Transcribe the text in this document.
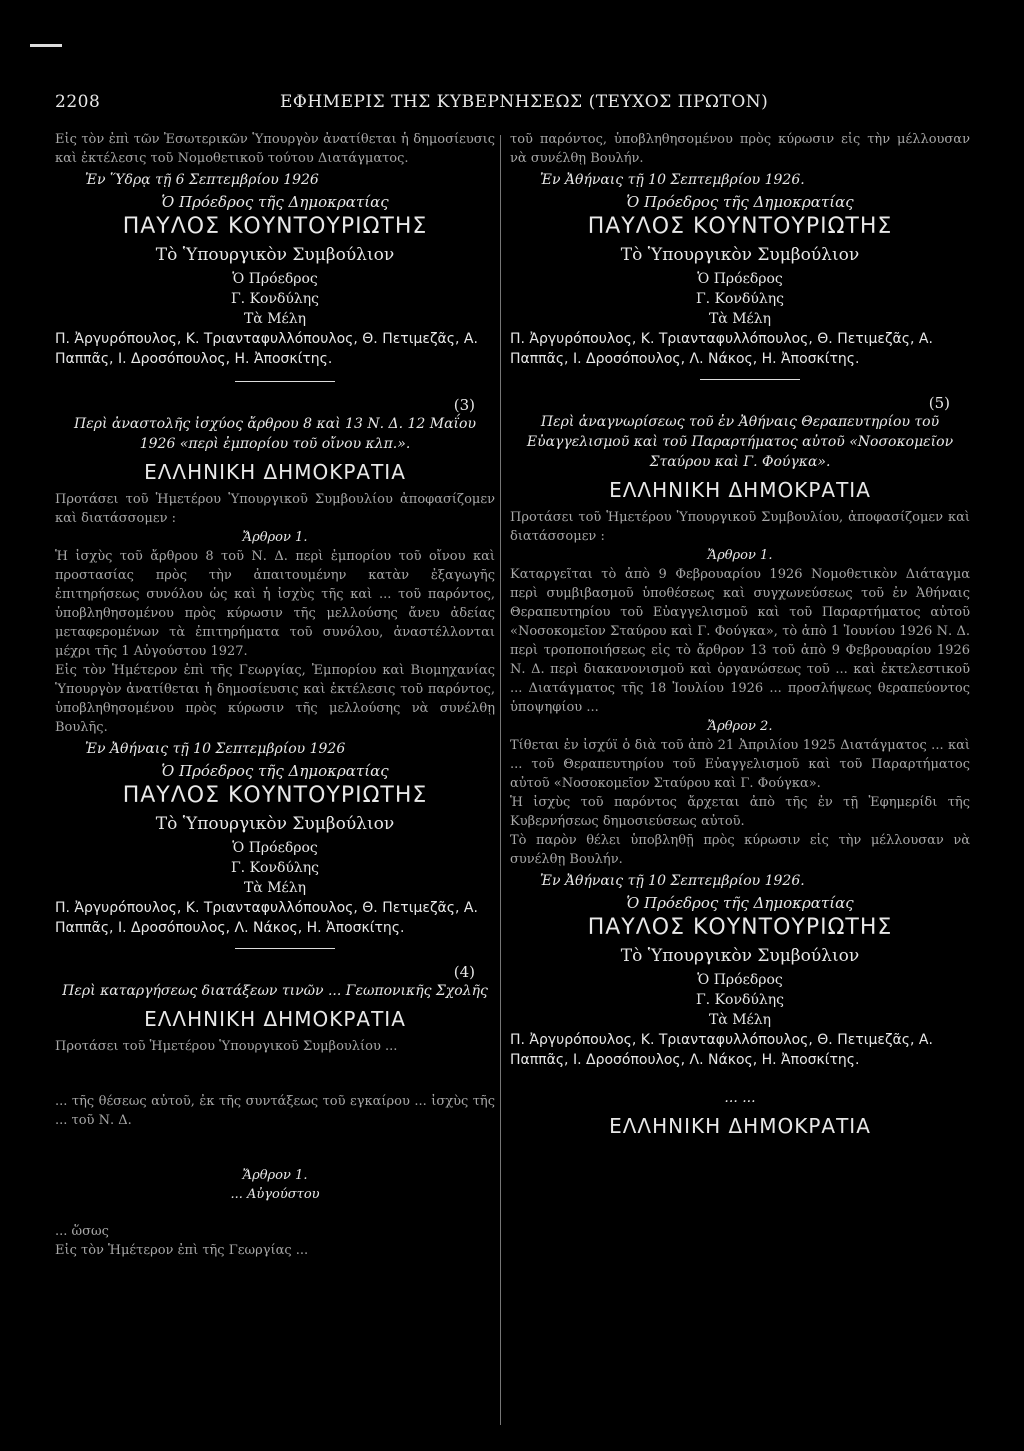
2208	ΕΦΗΜΕΡΙΣ ΤΗΣ ΚΥΒΕΡΝΗΣΕΩΣ (ΤΕΥΧΟΣ ΠΡΩΤΟΝ)

Εἰς τὸν ἐπὶ τῶν Ἐσωτερικῶν Ὑπουργὸν ἀνατίθεται ἡ δημοσίευσις καὶ ἐκτέλεσις τοῦ Νομοθετικοῦ τούτου Διατάγματος.

Ἐν Ὕδρᾳ τῇ 6 Σεπτεμβρίου 1926

Ὁ Πρόεδρος τῆς Δημοκρατίας

ΠΑΥΛΟΣ ΚΟΥΝΤΟΥΡΙΩΤΗΣ

Τὸ Ὑπουργικὸν Συμβούλιον

Ὁ Πρόεδρος

Γ. Κονδύλης

Τὰ Μέλη

Π. Ἀργυρόπουλος, Κ. Τριανταφυλλόπουλος, Θ. Πετιμεζᾶς, Α. Παππᾶς, Ι. Δροσόπουλος, Η. Ἀποσκίτης.

(3)

Περὶ ἀναστολῆς ἰσχύος ἄρθρου 8 καὶ 13 Ν. Δ. 12 Μαΐου 1926 «περὶ ἐμπορίου τοῦ οἴνου κλπ.».

ΕΛΛΗΝΙΚΗ ΔΗΜΟΚΡΑΤΙΑ

Προτάσει τοῦ Ἡμετέρου Ὑπουργικοῦ Συμβουλίου ἀποφασίζομεν καὶ διατάσσομεν :

Ἄρθρον 1.

Ἡ ἰσχὺς τοῦ ἄρθρου 8 τοῦ Ν. Δ. περὶ ἐμπορίου τοῦ οἴνου καὶ προστασίας πρὸς τὴν ἀπαιτουμένην κατὰν ἐξαγωγῆς ἐπιτηρήσεως συνόλου ὡς καὶ ἡ ἰσχὺς τῆς καὶ ... τοῦ παρόντος, ὑποβληθησομένου πρὸς κύρωσιν τῆς μελλούσης ἄνευ ἀδείας μεταφερομένων τὰ ἐπιτηρήματα τοῦ συνόλου, ἀναστέλλονται μέχρι τῆς 1 Αὐγούστου 1927.

Εἰς τὸν Ἡμέτερον ἐπὶ τῆς Γεωργίας, Ἐμπορίου καὶ Βιομηχανίας Ὑπουργὸν ἀνατίθεται ἡ δημοσίευσις καὶ ἐκτέλεσις τοῦ παρόντος, ὑποβληθησομένου πρὸς κύρωσιν τῆς μελλούσης νὰ συνέλθῃ Βουλῆς.

Ἐν Ἀθήναις τῇ 10 Σεπτεμβρίου 1926

Ὁ Πρόεδρος τῆς Δημοκρατίας

ΠΑΥΛΟΣ ΚΟΥΝΤΟΥΡΙΩΤΗΣ

Τὸ Ὑπουργικὸν Συμβούλιον

Ὁ Πρόεδρος

Γ. Κονδύλης

Τὰ Μέλη

Π. Ἀργυρόπουλος, Κ. Τριανταφυλλόπουλος, Θ. Πετιμεζᾶς, Α. Παππᾶς, Ι. Δροσόπουλος, Λ. Νάκος, Η. Ἀποσκίτης.

(4)

Περὶ καταργήσεως διατάξεων τινῶν ... Γεωπονικῆς Σχολῆς

ΕΛΛΗΝΙΚΗ ΔΗΜΟΚΡΑΤΙΑ

Προτάσει τοῦ Ἡμετέρου Ὑπουργικοῦ Συμβουλίου ...

... τῆς θέσεως αὐτοῦ, ἐκ τῆς συντάξεως τοῦ εγκαίρου ... ἰσχὺς τῆς ... τοῦ Ν. Δ.

Ἄρθρον 1.

... Αὐγούστου

... ὥσως

Εἰς τὸν Ἡμέτερον ἐπὶ τῆς Γεωργίας ...

τοῦ παρόντος, ὑποβληθησομένου πρὸς κύρωσιν εἰς τὴν μέλλουσαν νὰ συνέλθῃ Βουλήν.

Ἐν Ἀθήναις τῇ 10 Σεπτεμβρίου 1926.

Ὁ Πρόεδρος τῆς Δημοκρατίας

ΠΑΥΛΟΣ ΚΟΥΝΤΟΥΡΙΩΤΗΣ

Τὸ Ὑπουργικὸν Συμβούλιον

Ὁ Πρόεδρος

Γ. Κονδύλης

Τὰ Μέλη

Π. Ἀργυρόπουλος, Κ. Τριανταφυλλόπουλος, Θ. Πετιμεζᾶς, Α. Παππᾶς, Ι. Δροσόπουλος, Λ. Νάκος, Η. Ἀποσκίτης.

(5)

Περὶ ἀναγνωρίσεως τοῦ ἐν Ἀθήναις Θεραπευτηρίου τοῦ Εὐαγγελισμοῦ καὶ τοῦ Παραρτήματος αὐτοῦ «Νοσοκομεῖον Σταύρου καὶ Γ. Φούγκα».

ΕΛΛΗΝΙΚΗ ΔΗΜΟΚΡΑΤΙΑ

Προτάσει τοῦ Ἡμετέρου Ὑπουργικοῦ Συμβουλίου, ἀποφασίζομεν καὶ διατάσσομεν :

Ἄρθρον 1.

Καταργεῖται τὸ ἀπὸ 9 Φεβρουαρίου 1926 Νομοθετικὸν Διάταγμα περὶ συμβιβασμοῦ ὑποθέσεως καὶ συγχωνεύσεως τοῦ ἐν Ἀθήναις Θεραπευτηρίου τοῦ Εὐαγγελισμοῦ καὶ τοῦ Παραρτήματος αὐτοῦ «Νοσοκομεῖον Σταύρου καὶ Γ. Φούγκα», τὸ ἀπὸ 1 Ἰουνίου 1926 Ν. Δ. περὶ τροποποιήσεως εἰς τὸ ἄρθρον 13 τοῦ ἀπὸ 9 Φεβρουαρίου 1926 Ν. Δ. περὶ διακανονισμοῦ καὶ ὀργανώσεως τοῦ ... καὶ ἐκτελεστικοῦ ... Διατάγματος τῆς 18 Ἰουλίου 1926 ... προσλήψεως θεραπεύοντος ὑποψηφίου ...

Ἄρθρον 2.

Τίθεται ἐν ἰσχύϊ ὁ διὰ τοῦ ἀπὸ 21 Ἀπριλίου 1925 Διατάγματος ... καὶ ... τοῦ Θεραπευτηρίου τοῦ Εὐαγγελισμοῦ καὶ τοῦ Παραρτήματος αὐτοῦ «Νοσοκομεῖον Σταύρου καὶ Γ. Φούγκα».

Ἡ ἰσχὺς τοῦ παρόντος ἄρχεται ἀπὸ τῆς ἐν τῇ Ἐφημερίδι τῆς Κυβερνήσεως δημοσιεύσεως αὐτοῦ.

Τὸ παρὸν θέλει ὑποβληθῇ πρὸς κύρωσιν εἰς τὴν μέλλουσαν νὰ συνέλθῃ Βουλήν.

Ἐν Ἀθήναις τῇ 10 Σεπτεμβρίου 1926.

Ὁ Πρόεδρος τῆς Δημοκρατίας

ΠΑΥΛΟΣ ΚΟΥΝΤΟΥΡΙΩΤΗΣ

Τὸ Ὑπουργικὸν Συμβούλιον

Ὁ Πρόεδρος

Γ. Κονδύλης

Τὰ Μέλη

Π. Ἀργυρόπουλος, Κ. Τριανταφυλλόπουλος, Θ. Πετιμεζᾶς, Α. Παππᾶς, Ι. Δροσόπουλος, Λ. Νάκος, Η. Ἀποσκίτης.

... ...

ΕΛΛΗΝΙΚΗ ΔΗΜΟΚΡΑΤΙΑ
